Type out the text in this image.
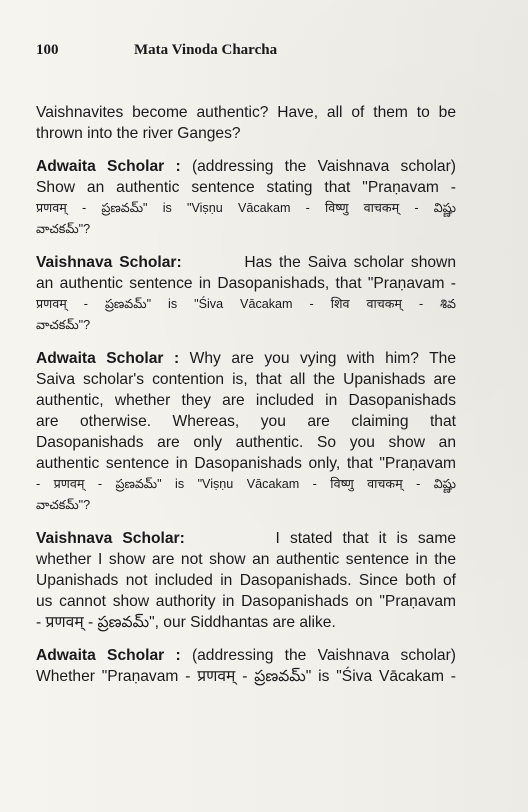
100	Mata Vinoda Charcha

Vaishnavites become authentic? Have, all of them to be
thrown into the river Ganges?

Adwaita Scholar : (addressing the Vaishnava scholar)
Show an authentic sentence stating that "Praṇavam -
प्रणवम् - ప్రణవమ్" is "Viṣṇu Vācakam - विष्णु वाचकम् - విష్ణు
వాచకమ్"?

Vaishnava Scholar:         Has the Saiva scholar shown
an authentic sentence in Dasopanishads, that "Praṇavam -
प्रणवम् - ప్రణవమ్" is "Śiva Vācakam - शिव वाचकम् - శివ
వాచకమ్"?

Adwaita Scholar : Why are you vying with him? The
Saiva scholar's contention is, that all the Upanishads are
authentic, whether they are included in Dasopanishads
are otherwise. Whereas, you are claiming that
Dasopanishads are only authentic. So you show an
authentic sentence in Dasopanishads only, that "Praṇavam
- प्रणवम् - ప్రణవమ్" is "Viṣṇu Vācakam - विष्णु वाचकम् - విష్ణు
వాచకమ్"?

Vaishnava Scholar:         I stated that it is same
whether I show are not show an authentic sentence in the
Upanishads not included in Dasopanishads. Since both of
us cannot show authority in Dasopanishads on "Praṇavam
- प्रणवम् - ప్రణవమ్", our Siddhantas are alike.

Adwaita Scholar : (addressing the Vaishnava scholar)
Whether "Praṇavam - प्रणवम् - ప్రణవమ్" is "Śiva Vācakam -
